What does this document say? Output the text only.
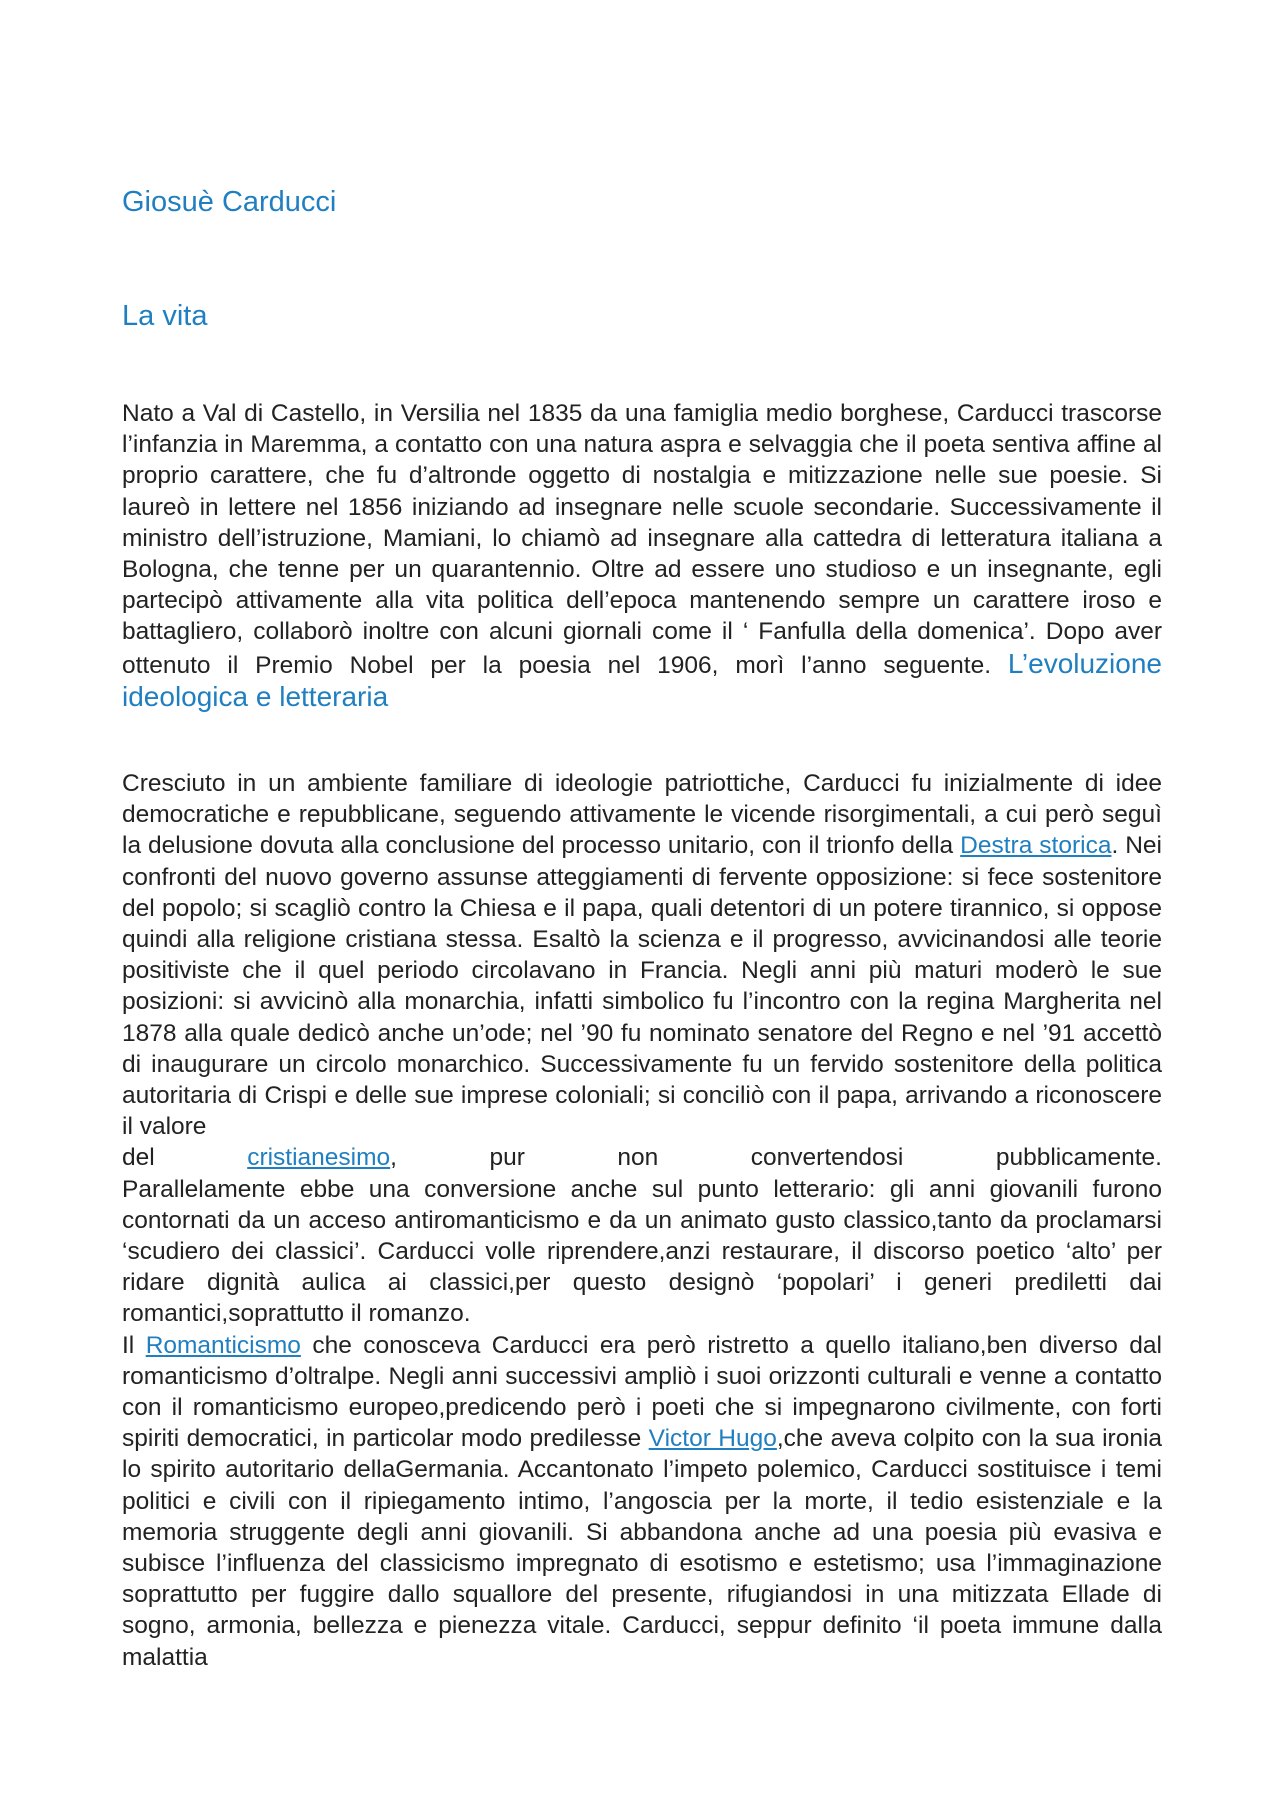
Giosuè Carducci
La vita

Nato a Val di Castello, in Versilia nel 1835 da una famiglia medio borghese, Carducci trascorse l’infanzia in Maremma, a contatto con una natura aspra e selvaggia che il poeta sentiva affine al proprio carattere, che fu d’altronde oggetto di nostalgia e mitizzazione nelle sue poesie. Si laureò in lettere nel 1856 iniziando ad insegnare nelle scuole secondarie. Successivamente il ministro dell’istruzione, Mamiani, lo chiamò ad insegnare alla cattedra di letteratura italiana a Bologna, che tenne per un quarantennio. Oltre ad essere uno studioso e un insegnante, egli partecipò attivamente alla vita politica dell’epoca mantenendo sempre un carattere iroso e battagliero, collaborò inoltre con alcuni giornali come il ‘ Fanfulla della domenica’. Dopo aver ottenuto il Premio Nobel per la poesia nel 1906, morì l’anno seguente. L’evoluzione ideologica e letteraria

Cresciuto in un ambiente familiare di ideologie patriottiche, Carducci fu inizialmente di idee democratiche e repubblicane, seguendo attivamente le vicende risorgimentali, a cui però seguì la delusione dovuta alla conclusione del processo unitario, con il trionfo della Destra storica. Nei confronti del nuovo governo assunse atteggiamenti di fervente opposizione: si fece sostenitore del popolo; si scagliò contro la Chiesa e il papa, quali detentori di un potere tirannico, si oppose quindi alla religione cristiana stessa. Esaltò la scienza e il progresso, avvicinandosi alle teorie positiviste che il quel periodo circolavano in Francia. Negli anni più maturi moderò le sue posizioni: si avvicinò alla monarchia, infatti simbolico fu l’incontro con la regina Margherita nel 1878 alla quale dedicò anche un’ode; nel ’90 fu nominato senatore del Regno e nel ’91 accettò di inaugurare un circolo monarchico. Successivamente fu un fervido sostenitore della politica autoritaria di Crispi e delle sue imprese coloniali; si conciliò con il papa, arrivando a riconoscere il valore
del cristianesimo, pur non convertendosi pubblicamente.
Parallelamente ebbe una conversione anche sul punto letterario: gli anni giovanili furono contornati da un acceso antiromanticismo e da un animato gusto classico,tanto da proclamarsi ‘scudiero dei classici’. Carducci volle riprendere,anzi restaurare, il discorso poetico ‘alto’ per ridare dignità aulica ai classici,per questo designò ‘popolari’ i generi prediletti dai romantici,soprattutto il romanzo.
Il Romanticismo che conosceva Carducci era però ristretto a quello italiano,ben diverso dal romanticismo d’oltralpe. Negli anni successivi ampliò i suoi orizzonti culturali e venne a contatto con il romanticismo europeo,predicendo però i poeti che si impegnarono civilmente, con forti spiriti democratici, in particolar modo predilesse Victor Hugo,che aveva colpito con la sua ironia lo spirito autoritario dellaGermania. Accantonato l’impeto polemico, Carducci sostituisce i temi politici e civili con il ripiegamento intimo, l’angoscia per la morte, il tedio esistenziale e la memoria struggente degli anni giovanili. Si abbandona anche ad una poesia più evasiva e subisce l’influenza del classicismo impregnato di esotismo e estetismo; usa l’immaginazione soprattutto per fuggire dallo squallore del presente, rifugiandosi in una mitizzata Ellade di sogno, armonia, bellezza e pienezza vitale. Carducci, seppur definito ‘il poeta immune dalla malattia
